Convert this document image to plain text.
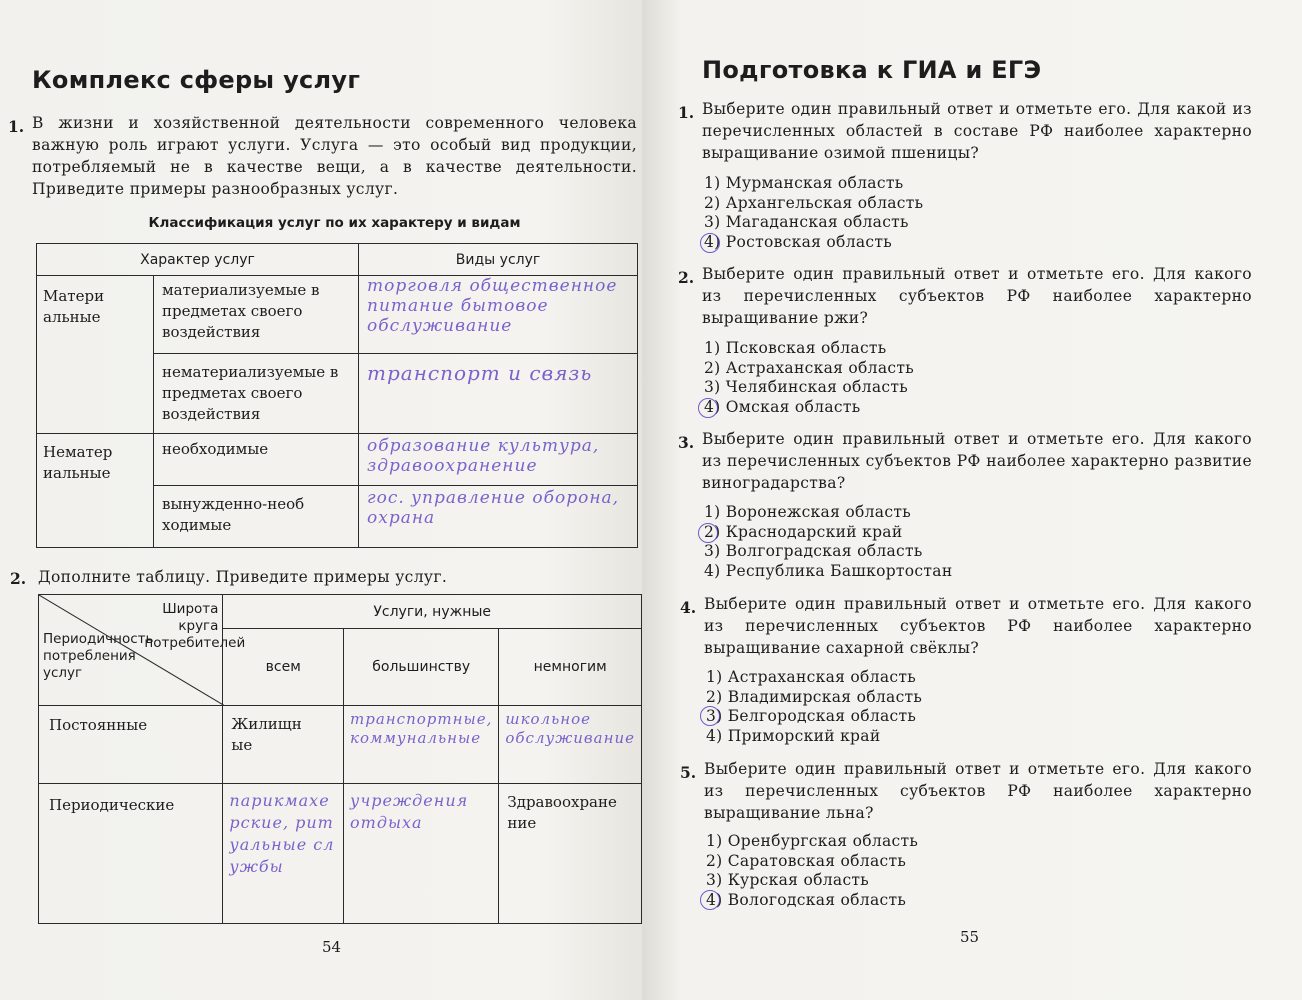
Комплекс сферы услуг
1. В жизни и хозяйственной деятельности современного человека важную роль играют услуги. Услуга — это особый вид продукции, потребляемый не в качестве вещи, а в качестве деятельности. Приведите примеры разнообразных услуг.
Классификация услуг по их характеру и видам
Характер услуг		Виды услуг

Материальные	материализуемые в предметах своего воздействия	торговля общественное питание бытовое обслуживание

	нематериализуемые в предметах своего воздействия	транспорт и связь

Нематериальные	необходимые	образование культура, здравоохранение

	вынужденно-необходимые	гос. управление оборона, охрана
2. Дополните таблицу. Приведите примеры услуг.
Широта круга потребителей
Периодичность потребления услуг	Услуги, нужные		
	всем	большинству	немногим
Постоянные	Жилищные	транспортные, коммунальные	школьное обслуживание

Периодические	парикмахерские, ритуальные службы	учреждения отдыха	Здравоохранение
54
Подготовка к ГИА и ЕГЭ
1. Выберите один правильный ответ и отметьте его. Для какой из перечисленных областей в составе РФ наиболее характерно выращивание озимой пшеницы?
1) Мурманская область
2) Архангельская область
3) Магаданская область
4) Ростовская область
2. Выберите один правильный ответ и отметьте его. Для какого из перечисленных субъектов РФ наиболее характерно выращивание ржи?
1) Псковская область
2) Астраханская область
3) Челябинская область
4) Омская область
3. Выберите один правильный ответ и отметьте его. Для какого из перечисленных субъектов РФ наиболее характерно развитие виноградарства?
1) Воронежская область
2) Краснодарский край
3) Волгоградская область
4) Республика Башкортостан
4. Выберите один правильный ответ и отметьте его. Для какого из перечисленных субъектов РФ наиболее характерно выращивание сахарной свёклы?
1) Астраханская область
2) Владимирская область
3) Белгородская область
4) Приморский край
5. Выберите один правильный ответ и отметьте его. Для какого из перечисленных субъектов РФ наиболее характерно выращивание льна?
1) Оренбургская область
2) Саратовская область
3) Курская область
4) Вологодская область
55
